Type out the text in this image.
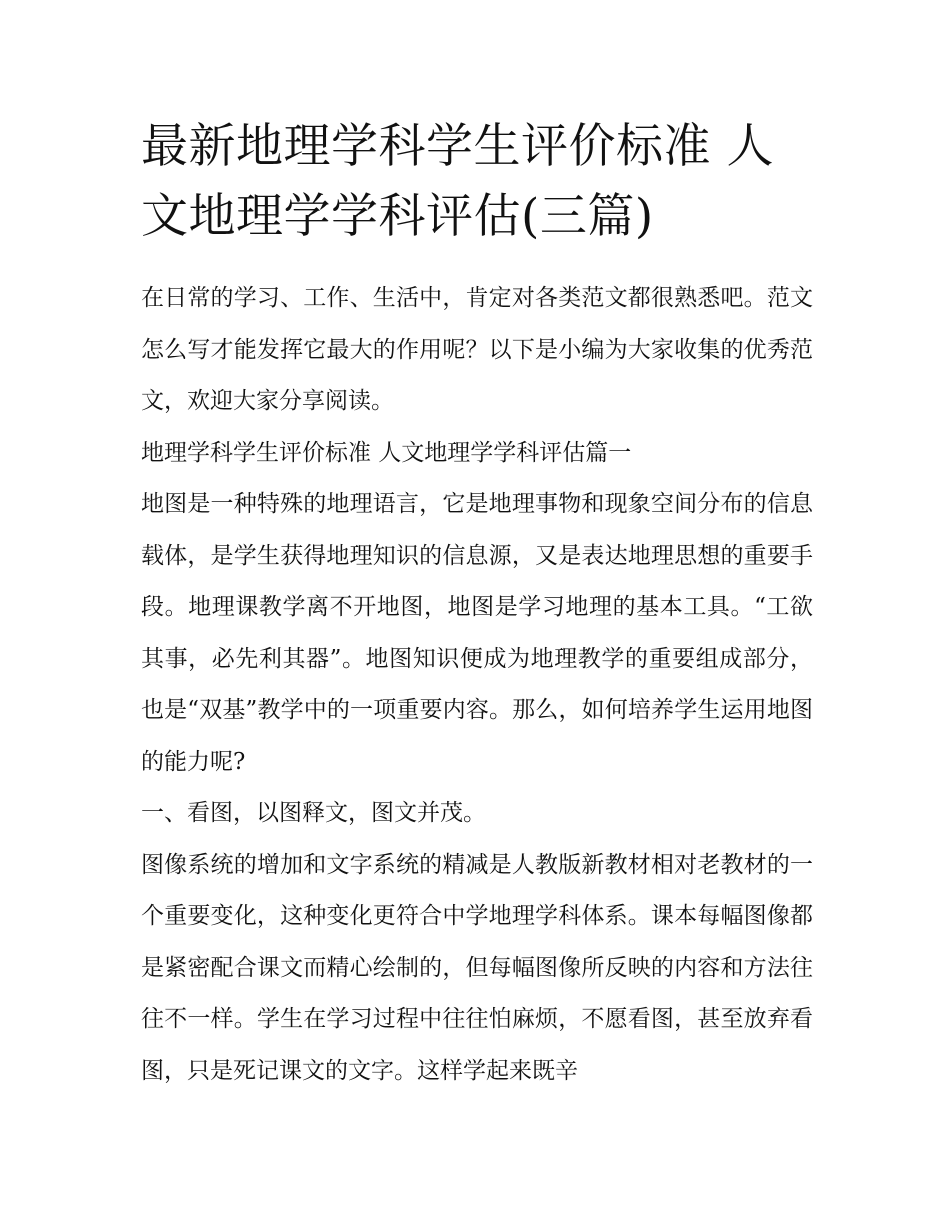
最新地理学科学生评价标准 人
文地理学学科评估(三篇)

在日常的学习、工作、生活中，肯定对各类范文都很熟悉吧。范文怎么写才能发挥它最大的作用呢？以下是小编为大家收集的优秀范文，欢迎大家分享阅读。

地理学科学生评价标准 人文地理学学科评估篇一

地图是一种特殊的地理语言，它是地理事物和现象空间分布的信息载体，是学生获得地理知识的信息源，又是表达地理思想的重要手段。地理课教学离不开地图，地图是学习地理的基本工具。“工欲其事，必先利其器”。地图知识便成为地理教学的重要组成部分，也是“双基”教学中的一项重要内容。那么，如何培养学生运用地图的能力呢?

一、看图，以图释文，图文并茂。

图像系统的增加和文字系统的精减是人教版新教材相对老教材的一个重要变化，这种变化更符合中学地理学科体系。课本每幅图像都是紧密配合课文而精心绘制的，但每幅图像所反映的内容和方法往往不一样。学生在学习过程中往往怕麻烦，不愿看图，甚至放弃看图，只是死记课文的文字。这样学起来既辛
